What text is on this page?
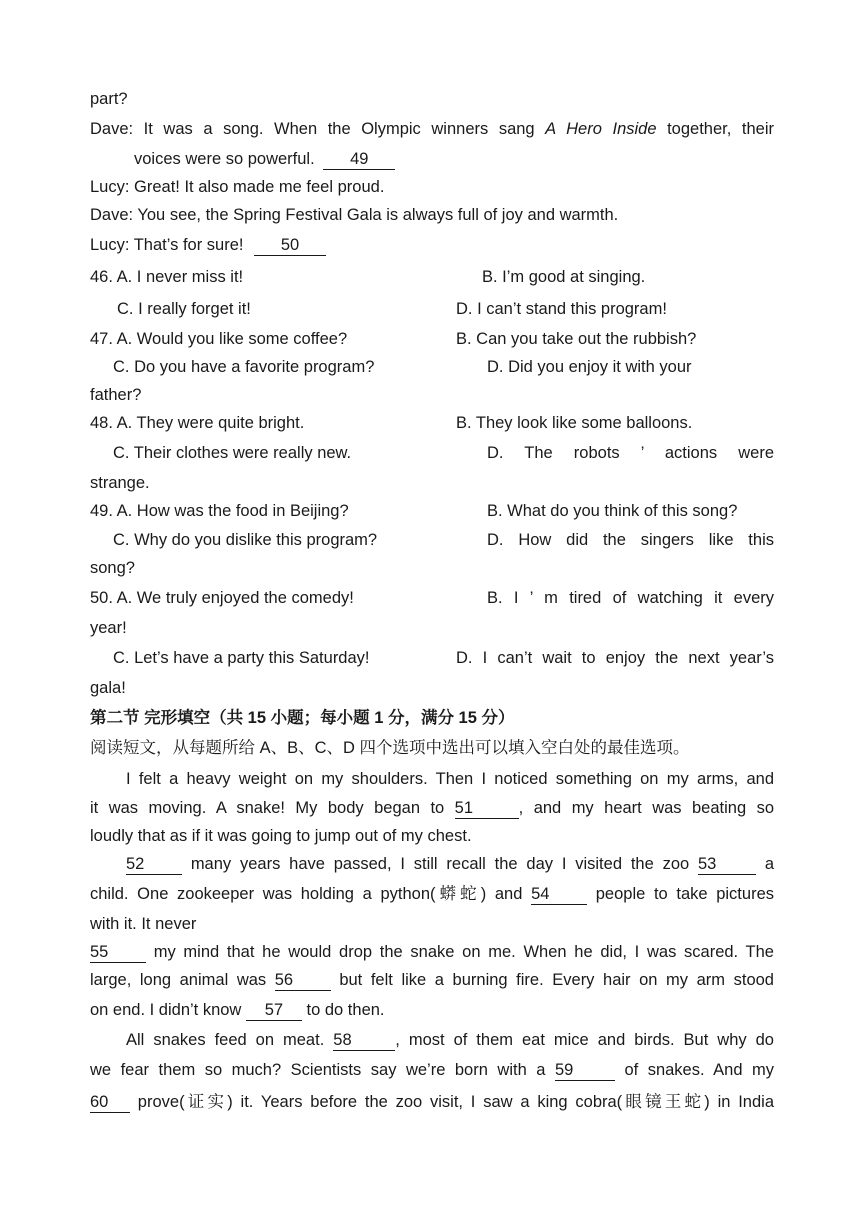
part?
Dave: It was a song. When the Olympic winners sang A Hero Inside together, their
voices were so powerful. 49
Lucy: Great! It also made me feel proud.
Dave: You see, the Spring Festival Gala is always full of joy and warmth.
Lucy: That’s for sure! 50
46. A. I never miss it!	B. I’m good at singing.
C. I really forget it!	D. I can’t stand this program!
47. A. Would you like some coffee?	B. Can you take out the rubbish?
C. Do you have a favorite program?	D. Did you enjoy it with your
father?
48. A. They were quite bright.	B. They look like some balloons.
C. Their clothes were really new.	D. The robots ’ actions were
strange.
49. A. How was the food in Beijing?	B. What do you think of this song?
C. Why do you dislike this program?	D. How did the singers like this
song?
50. A. We truly enjoyed the comedy!	B. I ’ m tired of watching it every
year!
C. Let’s have a party this Saturday!	D. I can’t wait to enjoy the next year’s
gala!
第二节 完形填空（共 15 小题；每小题 1 分，满分 15 分）
阅读短文，从每题所给 A、B、C、D 四个选项中选出可以填入空白处的最佳选项。
I felt a heavy weight on my shoulders. Then I noticed something on my arms, and
it was moving. A snake! My body began to 51	, and my heart was beating so
loudly that as if it was going to jump out of my chest.
52 many years have passed, I still recall the day I visited the zoo 53 a
child. One zookeeper was holding a python(蟒蛇) and 54 people to take pictures
with it. It never
55 my mind that he would drop the snake on me. When he did, I was scared. The
large, long animal was 56 but felt like a burning fire. Every hair on my arm stood
on end. I didn’t know 57 to do then.
All snakes feed on meat. 58	, most of them eat mice and birds. But why do
we fear them so much? Scientists say we’re born with a 59	of snakes. And my
60 prove(证实) it. Years before the zoo visit, I saw a king cobra(眼镜王蛇) in India
